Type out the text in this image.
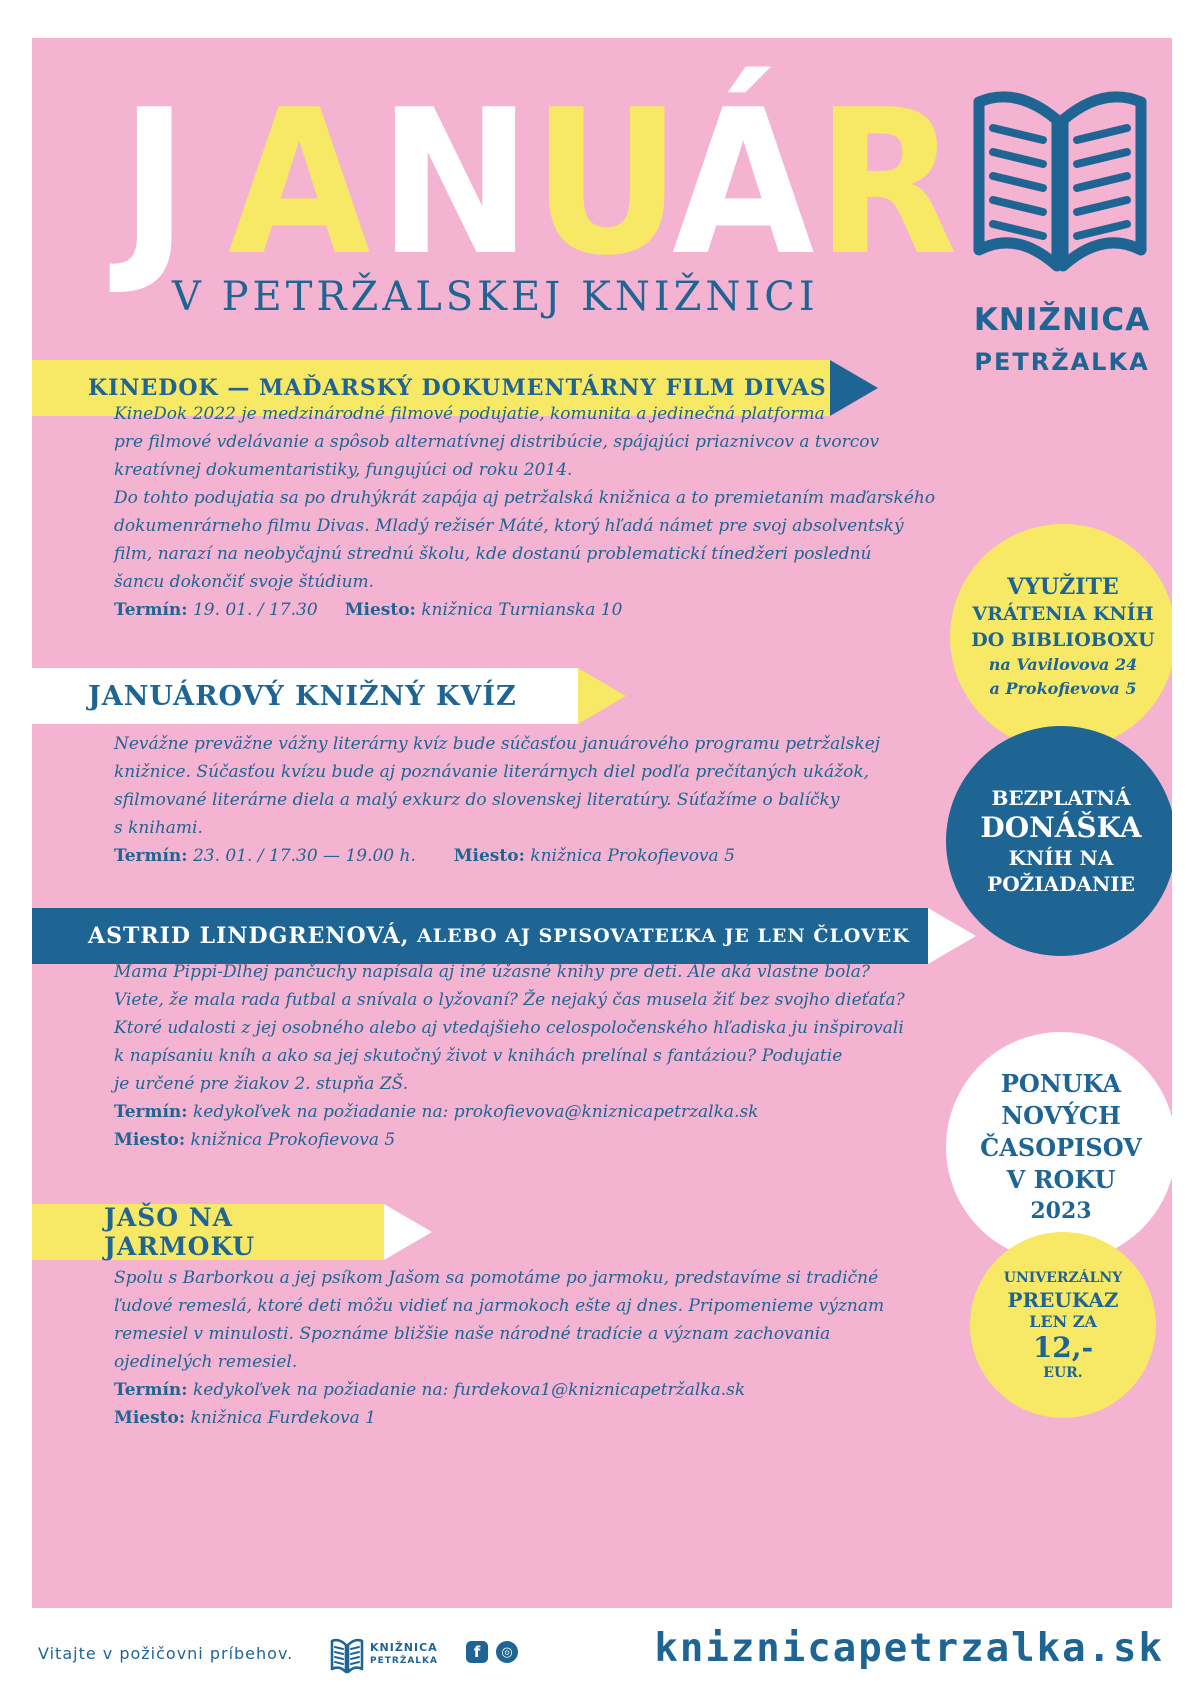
J A N U
Á R
V PETRŽALSKEJ KNIŽNICI	KNIŽNICA
PETRŽALKA
KINEDOK — MAĎARSKÝ DOKUMENTÁRNY FILM DIVAS

KineDok 2022 je medzinárodné filmové podujatie, komunita a jedinečná platforma

pre filmové vdelávanie a spôsob alternatívnej distribúcie, spájajúci priaznivcov a tvorcov

kreatívnej dokumentaristiky, fungujúci od roku 2014.

Do tohto podujatia sa po druhýkrát zapája aj petržalská knižnica a to premietaním maďarského

dokumenrárneho filmu Divas. Mladý režisér Máté, ktorý hľadá námet pre svoj absolventský

film, narazí na neobyčajnú strednú školu, kde dostanú problematickí tínedžeri poslednú

šancu dokončiť svoje štúdium.

Termín: 19. 01. / 17.30 Miesto: knižnica Turnianska 10
JANUÁROVÝ KNIŽNÝ KVÍZ

Nevážne preväžne vážny literárny kvíz bude súčasťou januárového programu petržalskej

knižnice. Súčasťou kvízu bude aj poznávanie literárnych diel podľa prečítaných ukážok,

sfilmované literárne diela a malý exkurz do slovenskej literatúry. Súťažíme o balíčky

s knihami.

Termín: 23. 01. / 17.30 — 19.00 h. Miesto: knižnica Prokofievova 5
ASTRID LINDGRENOVÁ, ALEBO AJ SPISOVATEĽKA JE LEN ČLOVEK

Mama Pippi-Dlhej pančuchy napísala aj iné úžasné knihy pre deti. Ale aká vlastne bola?

Viete, že mala rada futbal a snívala o lyžovaní? Že nejaký čas musela žiť bez svojho dieťaťa?

Ktoré udalosti z jej osobného alebo aj vtedajšieho celospoločenského hľadiska ju inšpirovali

k napísaniu kníh a ako sa jej skutočný život v knihách prelínal s fantáziou? Podujatie

je určené pre žiakov 2. stupňa ZŠ.

Termín: kedykoľvek na požiadanie na: prokofievova@kniznicapetrzalka.sk
Miesto: knižnica Prokofievova 5
JAŠO NA JARMOKU

Spolu s Barborkou a jej psíkom Jašom sa pomotáme po jarmoku, predstavíme si tradičné

ľudové remeslá, ktoré deti môžu vidieť na jarmokoch ešte aj dnes. Pripomenieme význam

remesiel v minulosti. Spoznáme bližšie naše národné tradície a význam zachovania

ojedinelých remesiel.

Termín: kedykoľvek na požiadanie na: furdekova1@kniznicapetržalka.sk
Miesto: knižnica Furdekova 1
VYUŽITE
VRÁTENIA KNÍH
DO BIBLIOBOXU
na Vavilovova 24
a Prokofievova 5
BEZPLATNÁ
DONÁŠKA
KNÍH NA
POŽIADANIE
PONUKA
NOVÝCH
ČASOPISOV
V ROKU
2023
UNIVERZÁLNY
PREUKAZ
LEN ZA
12,-
EUR.
Vitajte v požičovni príbehov.	KNIŽNICA
PETRŽALKA	f	◎	kniznicapetrzalka.sk
